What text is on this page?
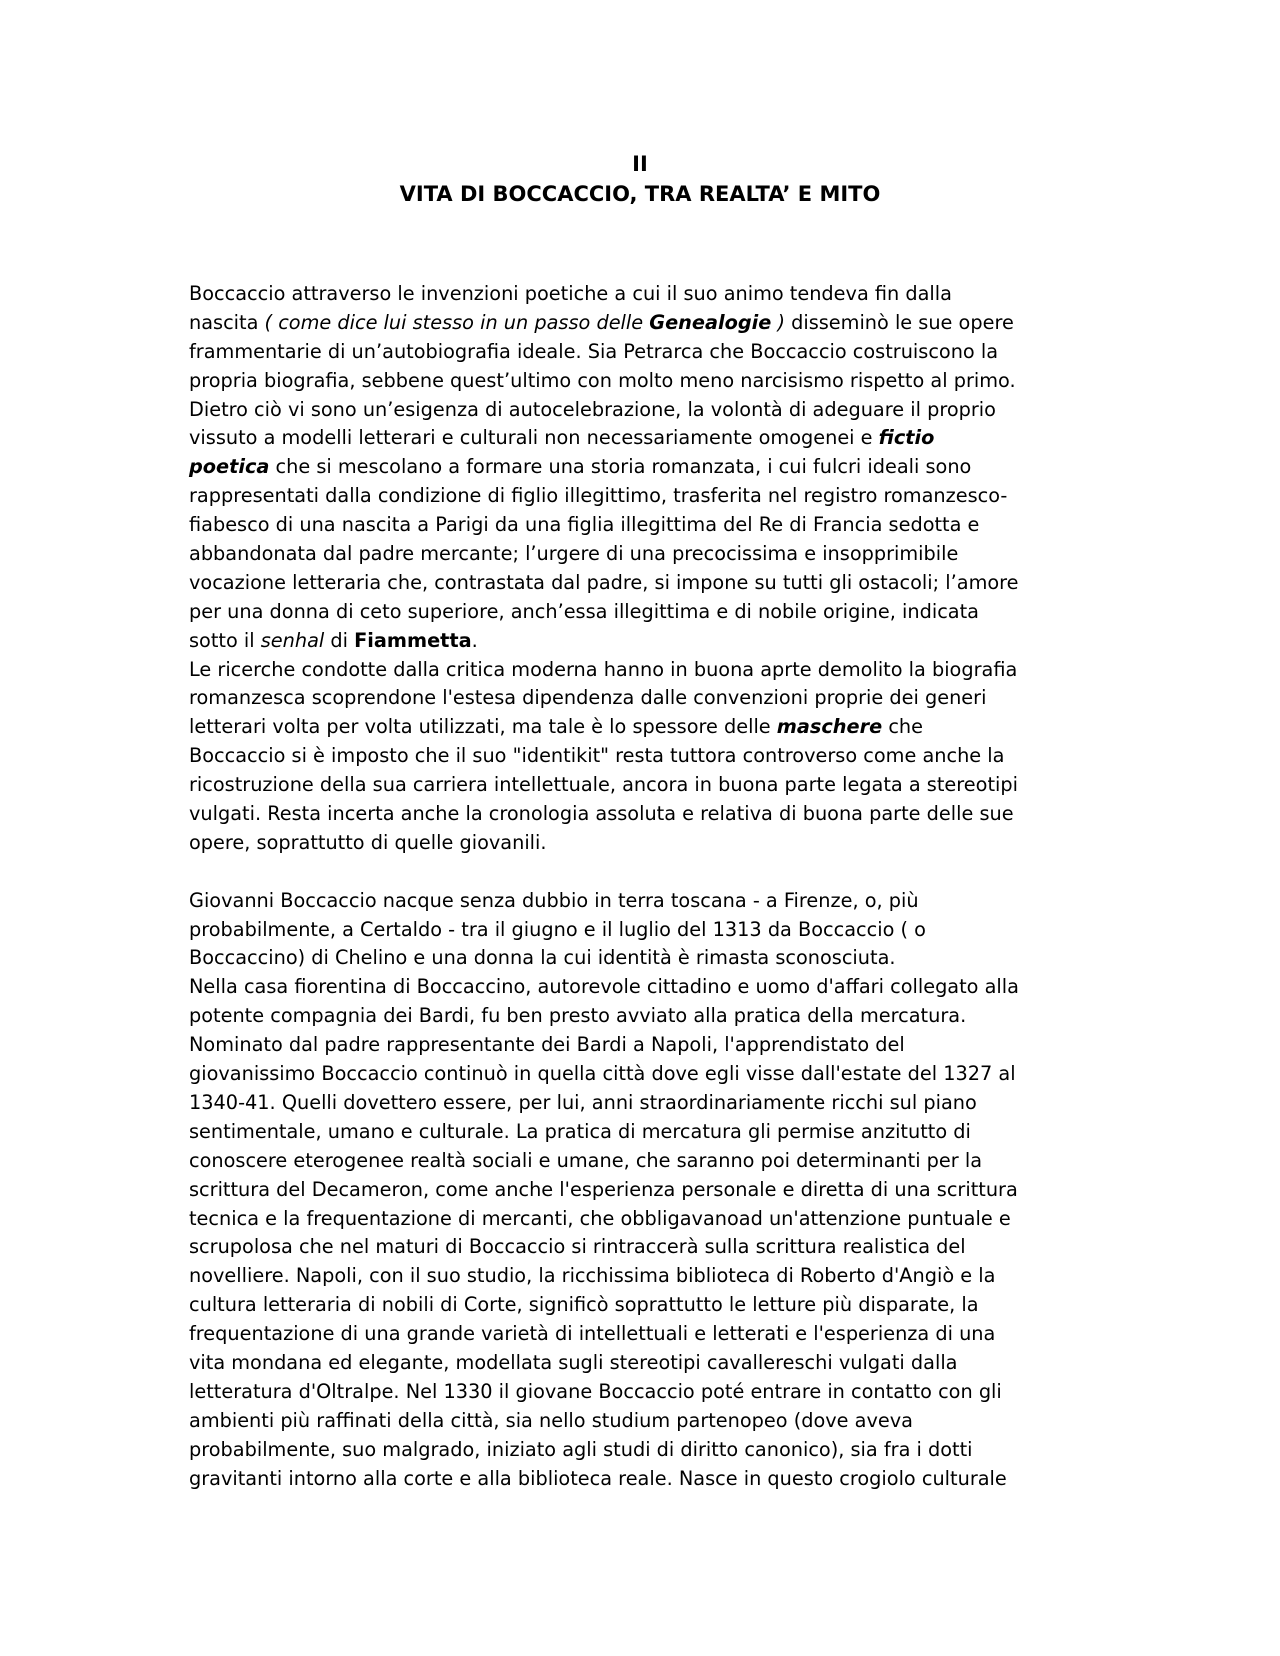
II
VITA DI BOCCACCIO, TRA REALTA’ E MITO
Boccaccio attraverso le invenzioni poetiche a cui il suo animo tendeva fin dalla
nascita ( come dice lui stesso in un passo delle Genealogie ) disseminò le sue opere
frammentarie di un’autobiografia ideale. Sia Petrarca che Boccaccio costruiscono la
propria biografia, sebbene quest’ultimo con molto meno narcisismo rispetto al primo.
Dietro ciò vi sono un’esigenza di autocelebrazione, la volontà di adeguare il proprio
vissuto a modelli letterari e culturali non necessariamente omogenei e fictio
poetica che si mescolano a formare una storia romanzata, i cui fulcri ideali sono
rappresentati dalla condizione di figlio illegittimo, trasferita nel registro romanzesco-
fiabesco di una nascita a Parigi da una figlia illegittima del Re di Francia sedotta e
abbandonata dal padre mercante; l’urgere di una precocissima e insopprimibile
vocazione letteraria che, contrastata dal padre, si impone su tutti gli ostacoli; l’amore
per una donna di ceto superiore, anch’essa illegittima e di nobile origine, indicata
sotto il senhal di Fiammetta.
Le ricerche condotte dalla critica moderna hanno in buona aprte demolito la biografia
romanzesca scoprendone l'estesa dipendenza dalle convenzioni proprie dei generi
letterari volta per volta utilizzati, ma tale è lo spessore delle maschere che
Boccaccio si è imposto che il suo "identikit" resta tuttora controverso come anche la
ricostruzione della sua carriera intellettuale, ancora in buona parte legata a stereotipi
vulgati. Resta incerta anche la cronologia assoluta e relativa di buona parte delle sue
opere, soprattutto di quelle giovanili.
Giovanni Boccaccio nacque senza dubbio in terra toscana - a Firenze, o, più
probabilmente, a Certaldo - tra il giugno e il luglio del 1313 da Boccaccio ( o
Boccaccino) di Chelino e una donna la cui identità è rimasta sconosciuta.
Nella casa fiorentina di Boccaccino, autorevole cittadino e uomo d'affari collegato alla
potente compagnia dei Bardi, fu ben presto avviato alla pratica della mercatura.
Nominato dal padre rappresentante dei Bardi a Napoli, l'apprendistato del
giovanissimo Boccaccio continuò in quella città dove egli visse dall'estate del 1327 al
1340-41. Quelli dovettero essere, per lui, anni straordinariamente ricchi sul piano
sentimentale, umano e culturale. La pratica di mercatura gli permise anzitutto di
conoscere eterogenee realtà sociali e umane, che saranno poi determinanti per la
scrittura del Decameron, come anche l'esperienza personale e diretta di una scrittura
tecnica e la frequentazione di mercanti, che obbligavanoad un'attenzione puntuale e
scrupolosa che nel maturi di Boccaccio si rintraccerà sulla scrittura realistica del
novelliere. Napoli, con il suo studio, la ricchissima biblioteca di Roberto d'Angiò e la
cultura letteraria di nobili di Corte, significò soprattutto le letture più disparate, la
frequentazione di una grande varietà di intellettuali e letterati e l'esperienza di una
vita mondana ed elegante, modellata sugli stereotipi cavallereschi vulgati dalla
letteratura d'Oltralpe. Nel 1330 il giovane Boccaccio poté entrare in contatto con gli
ambienti più raffinati della città, sia nello studium partenopeo (dove aveva
probabilmente, suo malgrado, iniziato agli studi di diritto canonico), sia fra i dotti
gravitanti intorno alla corte e alla biblioteca reale. Nasce in questo crogiolo culturale
